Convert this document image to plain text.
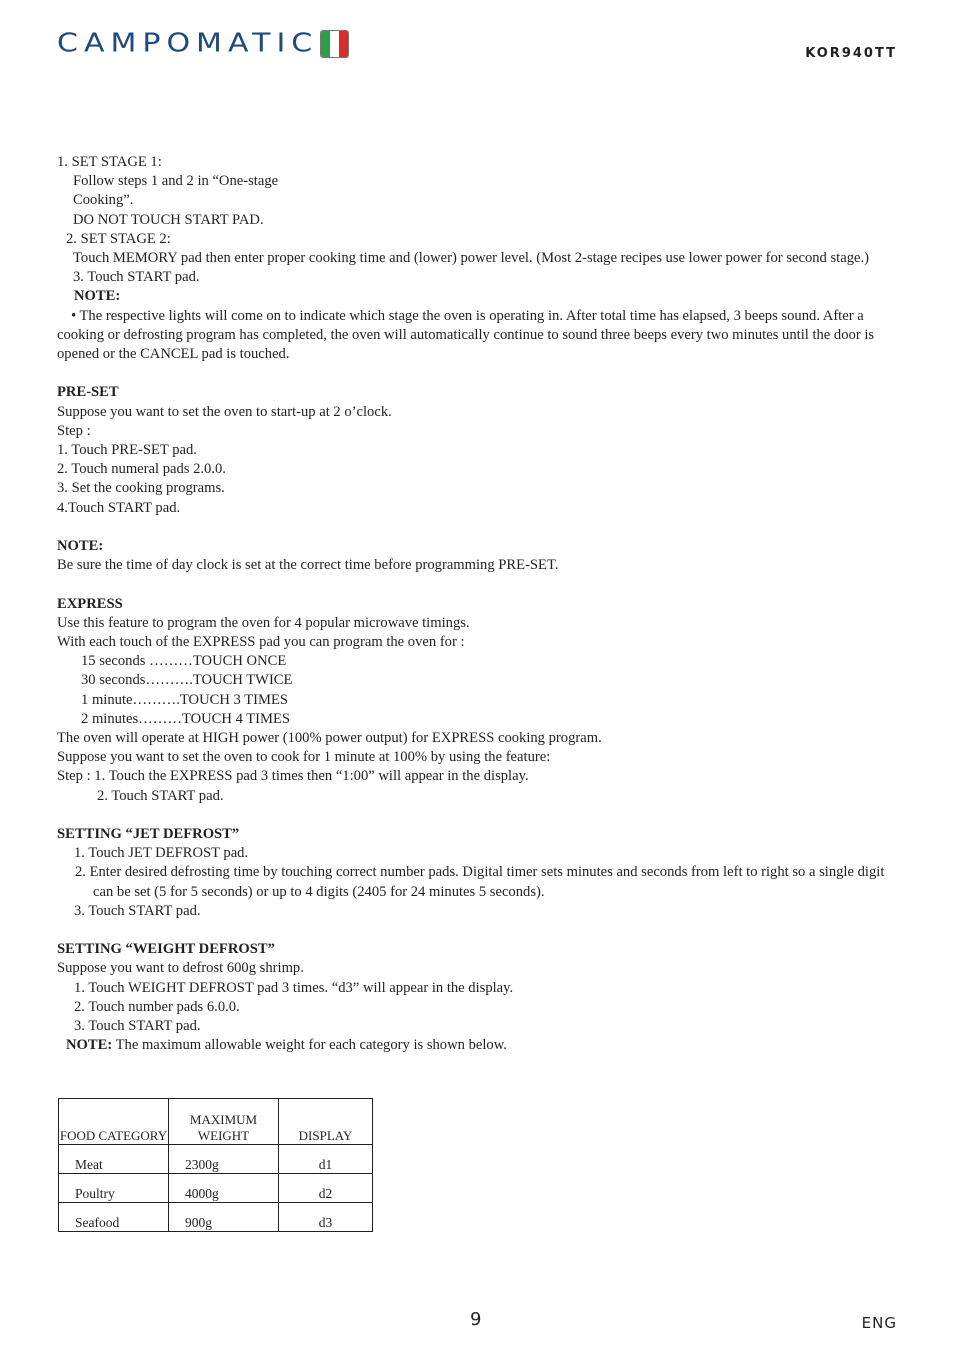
CAMPOMATIC	KOR940TT

1. SET STAGE 1:

Follow steps 1 and 2 in “One-stage

Cooking”.

DO NOT TOUCH START PAD.

2. SET STAGE 2:

Touch MEMORY pad then enter proper cooking time and (lower) power level. (Most 2-stage recipes use lower power for second stage.)

3. Touch START pad.

NOTE:

• The respective lights will come on to indicate which stage the oven is operating in. After total time has elapsed, 3 beeps sound. After a cooking or defrosting program has completed, the oven will automatically continue to sound three beeps every two minutes until the door is opened or the CANCEL pad is touched.

PRE-SET

Suppose you want to set the oven to start-up at 2 o’clock.

Step :

1. Touch PRE-SET pad.

2. Touch numeral pads 2.0.0.

3. Set the cooking programs.

4.Touch START pad.

NOTE:

Be sure the time of day clock is set at the correct time before programming PRE-SET.

EXPRESS

Use this feature to program the oven for 4 popular microwave timings.

With each touch of the EXPRESS pad you can program the oven for :

15 seconds ………TOUCH ONCE

30 seconds……….TOUCH TWICE

1 minute……….TOUCH 3 TIMES

2 minutes………TOUCH 4 TIMES

The oven will operate at HIGH power (100% power output) for EXPRESS cooking program.

Suppose you want to set the oven to cook for 1 minute at 100% by using the feature:

Step : 1. Touch the EXPRESS pad 3 times then “1:00” will appear in the display.

2. Touch START pad.

SETTING “JET DEFROST”

1. Touch JET DEFROST pad.

2. Enter desired defrosting time by touching correct number pads. Digital timer sets minutes and seconds from left to right so a single digit can be set (5 for 5 seconds) or up to 4 digits (2405 for 24 minutes 5 seconds).

3. Touch START pad.

SETTING “WEIGHT DEFROST”

Suppose you want to defrost 600g shrimp.

1. Touch WEIGHT DEFROST pad 3 times. “d3” will appear in the display.

2. Touch number pads 6.0.0.

3. Touch START pad.

NOTE: The maximum allowable weight for each category is shown below.

FOOD CATEGORY	MAXIMUM WEIGHT	DISPLAY
Meat	2300g	d1
Poultry	4000g	d2
Seafood	900g	d3
9	ENG
